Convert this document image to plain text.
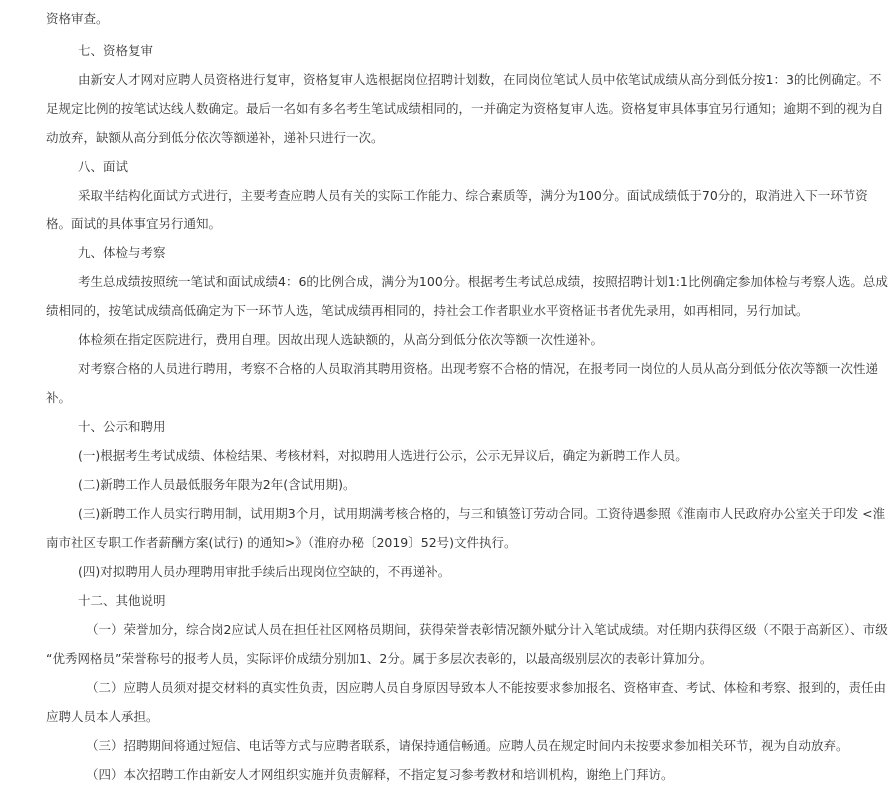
资格审查。
七、资格复审
由新安人才网对应聘人员资格进行复审，资格复审人选根据岗位招聘计划数，在同岗位笔试人员中依笔试成绩从高分到低分按1：3的比例确定。不
足规定比例的按笔试达线人数确定。最后一名如有多名考生笔试成绩相同的，一并确定为资格复审人选。资格复审具体事宜另行通知；逾期不到的视为自
动放弃，缺额从高分到低分依次等额递补，递补只进行一次。
八、面试
采取半结构化面试方式进行，主要考查应聘人员有关的实际工作能力、综合素质等，满分为100分。面试成绩低于70分的，取消进入下一环节资
格。面试的具体事宜另行通知。
九、体检与考察
考生总成绩按照统一笔试和面试成绩4：6的比例合成，满分为100分。根据考生考试总成绩，按照招聘计划1:1比例确定参加体检与考察人选。总成
绩相同的，按笔试成绩高低确定为下一环节人选，笔试成绩再相同的，持社会工作者职业水平资格证书者优先录用，如再相同，另行加试。
体检须在指定医院进行，费用自理。因故出现人选缺额的，从高分到低分依次等额一次性递补。
对考察合格的人员进行聘用，考察不合格的人员取消其聘用资格。出现考察不合格的情况，在报考同一岗位的人员从高分到低分依次等额一次性递
补。
十、公示和聘用
(一)根据考生考试成绩、体检结果、考核材料，对拟聘用人选进行公示，公示无异议后，确定为新聘工作人员。
(二)新聘工作人员最低服务年限为2年(含试用期)。
(三)新聘工作人员实行聘用制，试用期3个月，试用期满考核合格的，与三和镇签订劳动合同。工资待遇参照《淮南市人民政府办公室关于印发 <淮
南市社区专职工作者薪酬方案(试行) 的通知>》（淮府办秘〔2019〕52号)文件执行。
(四)对拟聘用人员办理聘用审批手续后出现岗位空缺的，不再递补。
十二、其他说明
（一）荣誉加分，综合岗2应试人员在担任社区网格员期间，获得荣誉表彰情况额外赋分计入笔试成绩。对任期内获得区级（不限于高新区）、市级
“优秀网格员”荣誉称号的报考人员，实际评价成绩分别加1、2分。属于多层次表彰的，以最高级别层次的表彰计算加分。
（二）应聘人员须对提交材料的真实性负责，因应聘人员自身原因导致本人不能按要求参加报名、资格审查、考试、体检和考察、报到的，责任由
应聘人员本人承担。
（三）招聘期间将通过短信、电话等方式与应聘者联系，请保持通信畅通。应聘人员在规定时间内未按要求参加相关环节，视为自动放弃。
（四）本次招聘工作由新安人才网组织实施并负责解释，不指定复习参考教材和培训机构，谢绝上门拜访。
